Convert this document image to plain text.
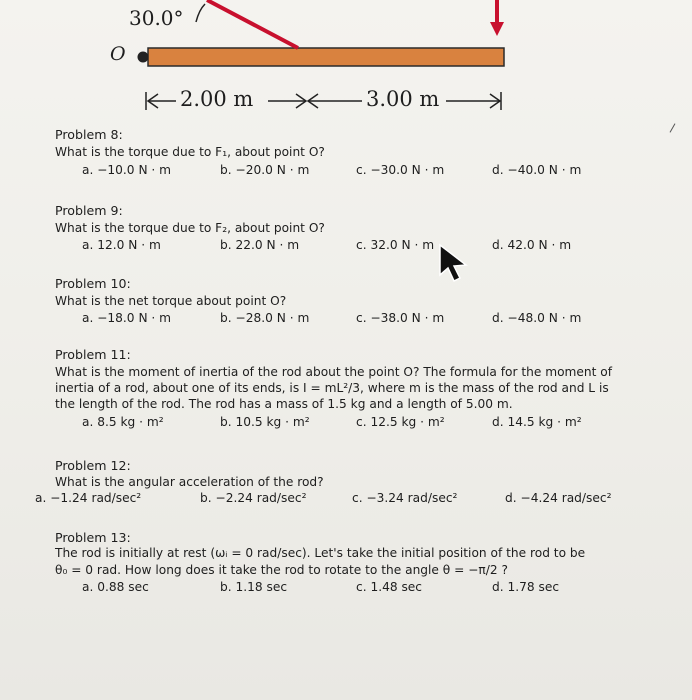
30.0°
O
2.00 m	3.00 m
Problem 8:
What is the torque due to F₁, about point O?
a. −10.0 N · m	b. −20.0 N · m	c. −30.0 N · m	d. −40.0 N · m
Problem 9:
What is the torque due to F₂, about point O?
a. 12.0 N · m	b. 22.0 N · m	c. 32.0 N · m	d. 42.0 N · m
Problem 10:
What is the net torque about point O?
a. −18.0 N · m	b. −28.0 N · m	c. −38.0 N · m	d. −48.0 N · m
Problem 11:
What is the moment of inertia of the rod about the point O? The formula for the moment of
inertia of a rod, about one of its ends, is I = mL²/3, where m is the mass of the rod and L is
the length of the rod. The rod has a mass of 1.5 kg and a length of 5.00 m.
a. 8.5 kg · m²	b. 10.5 kg · m²	c. 12.5 kg · m²	d. 14.5 kg · m²
Problem 12:
What is the angular acceleration of the rod?
a. −1.24 rad/sec²	b. −2.24 rad/sec²	c. −3.24 rad/sec²	d. −4.24 rad/sec²
Problem 13:
The rod is initially at rest (ωᵢ = 0 rad/sec). Let's take the initial position of the rod to be
θ₀ = 0 rad. How long does it take the rod to rotate to the angle θ = −π/2 ?
a. 0.88 sec	b. 1.18 sec	c. 1.48 sec	d. 1.78 sec
